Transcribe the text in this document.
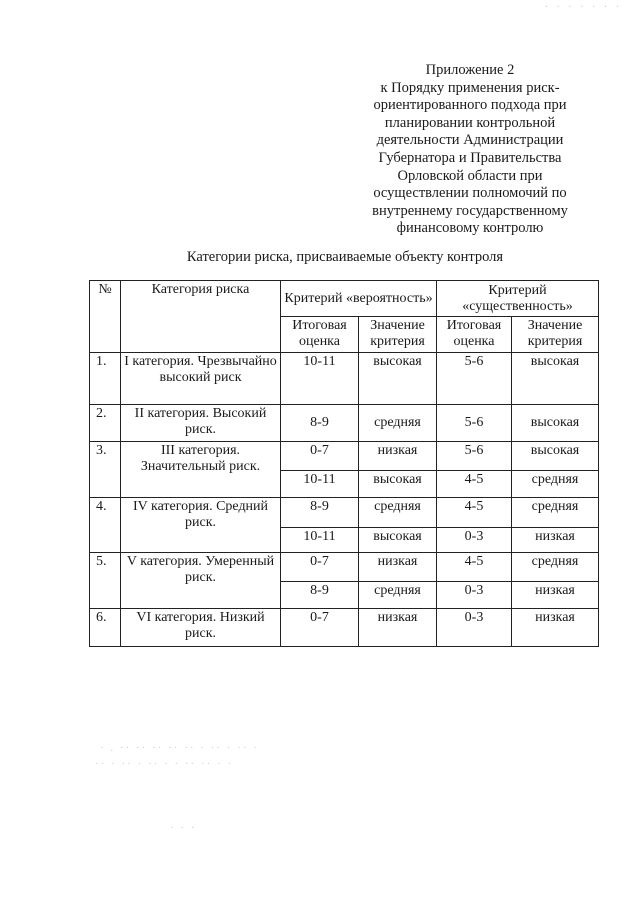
· · · · · · ·
Приложение 2
к Порядку применения риск-
ориентированного подхода при
планировании контрольной
деятельности Администрации
Губернатора и Правительства
Орловской области при
осуществлении полномочий по
внутреннему государственному
финансовому контролю
Категории риска, присваиваемые объекту контроля
№	Категория риска	Критерий «вероятность»		Критерий «существенность»	
		Итоговая оценка	Значение критерия	Итоговая оценка	Значение критерия
1.	I категория. Чрезвычайно высокий риск	10-11	высокая	5-6	высокая
2.	II категория. Высокий риск.	8-9	средняя	5-6	высокая
3.	III категория. Значительный риск.	0-7	низкая	5-6	высокая
		10-11	высокая	4-5	средняя
4.	IV категория. Средний риск.	8-9	средняя	4-5	средняя
		10-11	высокая	0-3	низкая
5.	V категория. Умеренный риск.	0-7	низкая	4-5	средняя
		8-9	средняя	0-3	низкая
6.	VI категория. Низкий риск.	0-7	низкая	0-3	низкая
· . ·· ·· ·· ·· ·· · ·· · ·· ·
·· · ·· · ·· · · ·· ·· · ·
· · ·
